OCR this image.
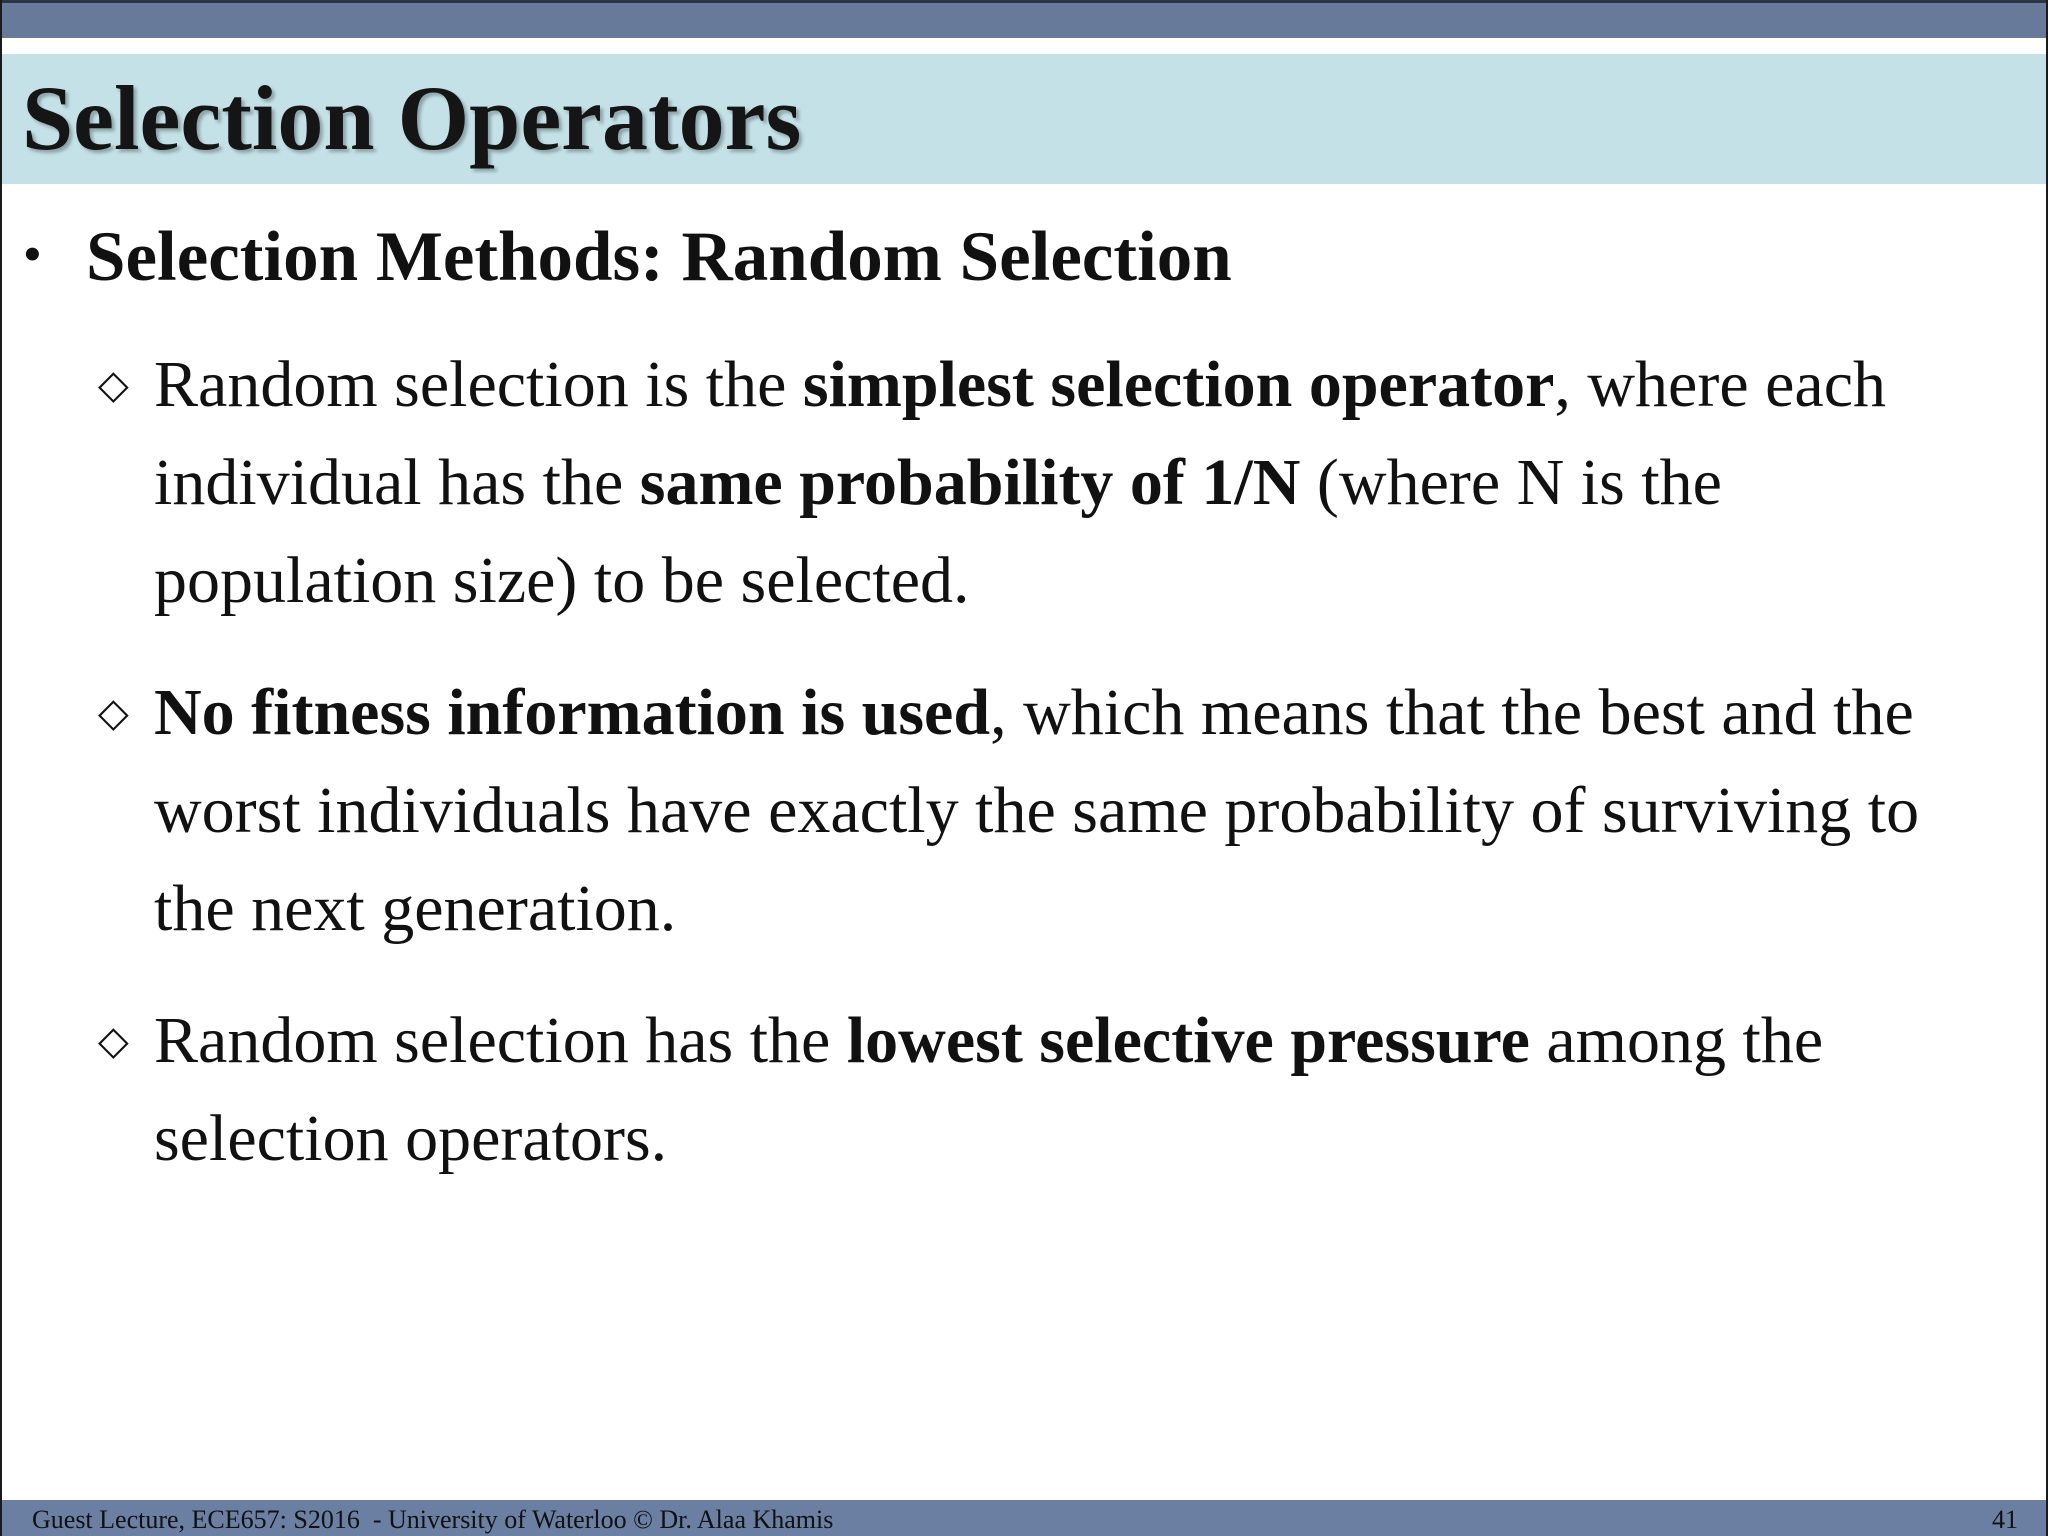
Selection Operators
• Selection Methods: Random Selection
◇ Random selection is the simplest selection operator, where each individual has the same probability of 1/N (where N is the population size) to be selected.
◇ No fitness information is used, which means that the best and the worst individuals have exactly the same probability of surviving to the next generation.
◇ Random selection has the lowest selective pressure among the selection operators.
Guest Lecture, ECE657: S2016  - University of Waterloo © Dr. Alaa Khamis	41
